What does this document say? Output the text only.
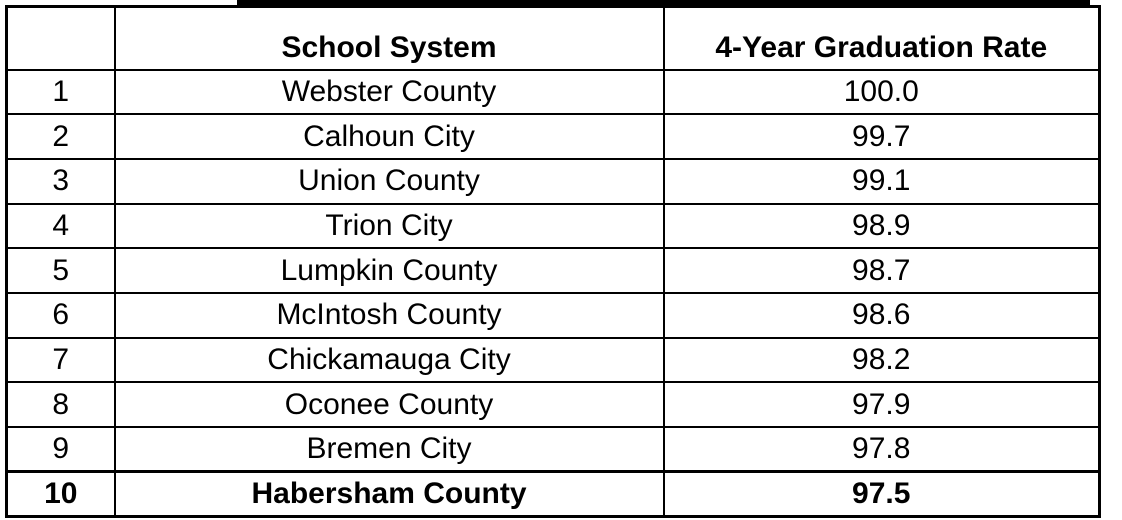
	School System	4-Year Graduation Rate
1	Webster County	100.0
2	Calhoun City	99.7
3	Union County	99.1
4	Trion City	98.9
5	Lumpkin County	98.7
6	McIntosh County	98.6
7	Chickamauga City	98.2
8	Oconee County	97.9
9	Bremen City	97.8
10	Habersham County	97.5
